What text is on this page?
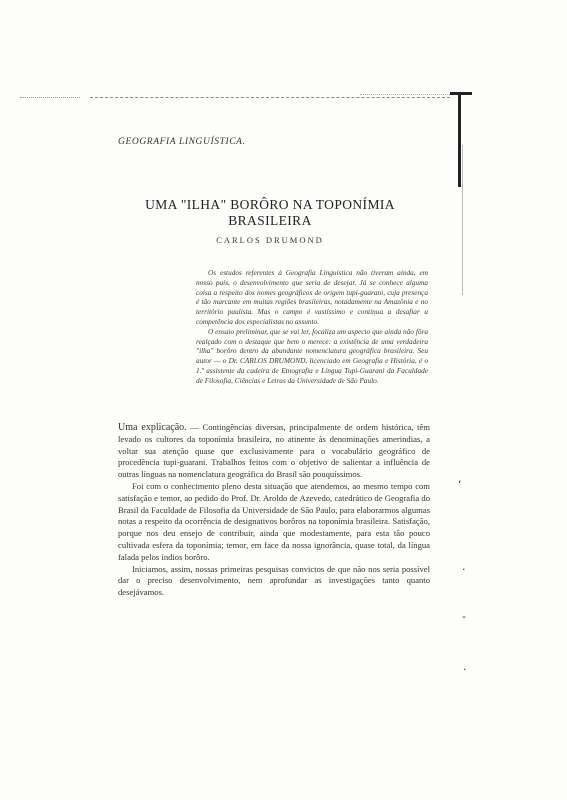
ʻ
.
-
.
GEOGRAFIA LINGUÍSTICA.
UMA "ILHA" BORÔRO NA TOPONÍMIA
BRASILEIRA
CARLOS DRUMOND

Os estudos referentes à Geografia Linguística não tiveram ainda, em nosso país, o desenvolvimento que seria de desejar. Já se conhece alguma coisa a respeito dos nomes geográficos de origem tupi-guarani, cuja presença é tão marcante em muitas regiões brasileiras, notadamente na Amazônia e no território paulista. Mas o campo é vastíssimo e continua a desafiar a competência dos especialistas no assunto.

O ensaio preliminar, que se vai ler, focaliza um aspecto que ainda não fôra realçado com o destaque que bem o merece: a existência de uma verdadeira "ilha" borôro dentro da abundante nomenclatura geográfica brasileira. Seu autor — o Dr. CARLOS DRUMOND, licenciado em Geografia e História, é o 1.º assistente da cadeira de Etnografia e Língua Tupi-Guarani da Faculdade de Filosofia, Ciências e Letras da Universidade de São Paulo.

Uma explicação. — Contingências diversas, principalmente de ordem histórica, têm levado os cultores da toponímia brasileira, no atinente às denominações amerindias, a voltar sua atenção quase que exclusivamente para o vocabulário geográfico de procedência tupi-guarani. Trabalhos feitos com o objetivo de salientar a influência de outras línguas na nomenclatura geográfica do Brasil são pouquíssimos.

Foi com o conhecimento pleno desta situação que atendemos, ao mesmo tempo com satisfação e temor, ao pedido do Prof. Dr. Aroldo de Azevedo, catedrático de Geografia do Brasil da Faculdade de Filosofia da Universidade de São Paulo, para elaborarmos algumas notas a respeito da ocorrência de designativos borôros na toponímia brasileira. Satisfação, porque nos deu ensejo de contribuir, ainda que modestamente, para esta tão pouco cultivada esfera da toponímia; temor, em face da nossa ignorância, quase total, da língua falada pelos índios borôro.

Iniciamos, assim, nossas primeiras pesquisas convictos de que não nos seria possível dar o preciso desenvolvimento, nem aprofundar as investigações tanto quanto desejávamos.
